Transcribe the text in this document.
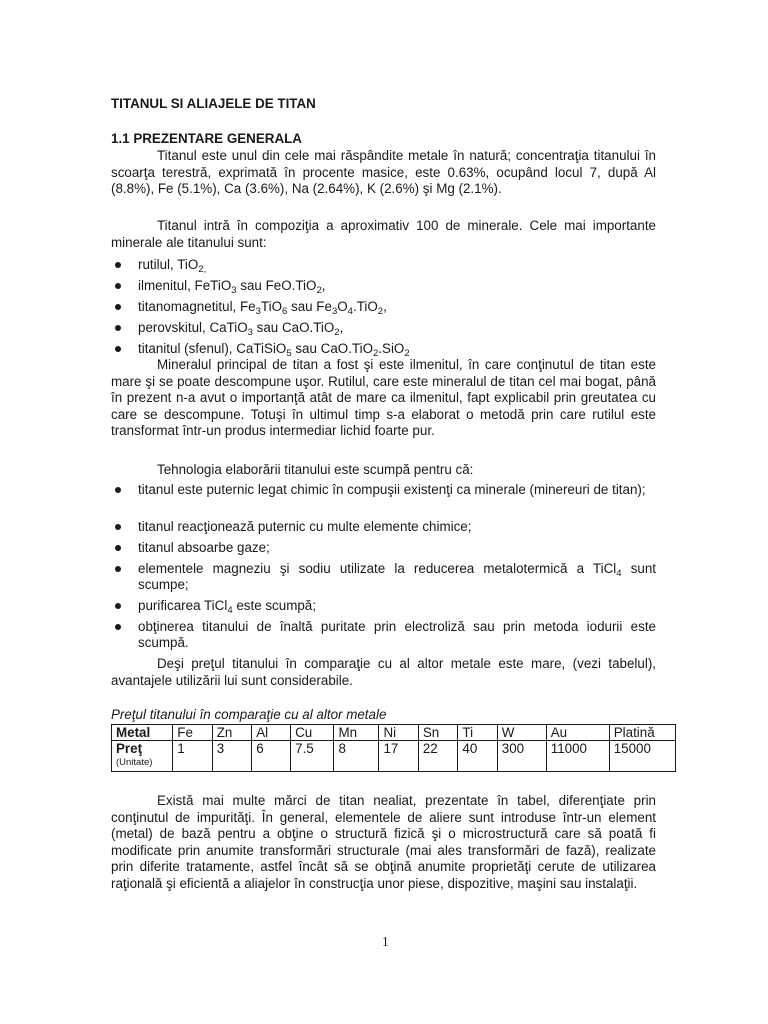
TITANUL SI ALIAJELE DE TITAN
1.1 PREZENTARE GENERALA
Titanul este unul din cele mai răspândite metale în natură; concentraţia titanului în scoarţa terestră, exprimată în procente masice, este 0.63%, ocupând locul 7, după Al (8.8%), Fe (5.1%), Ca (3.6%), Na (2.64%), K (2.6%) şi Mg (2.1%).
Titanul intră în compoziţia a aproximativ 100 de minerale. Cele mai importante minerale ale titanului sunt:
rutilul, TiO$_{2,}$
ilmenitul, FeTiO$_3$ sau FeO.TiO$_2$,
titanomagnetitul, $Fe_3TiO_6$ sau $Fe_3O_4.TiO_2$,
perovskitul, CaTiO$_3$ sau CaO.TiO$_2$,
titanitul (sfenul), CaTiSiO$_5$ sau CaO.TiO$_2$.SiO$_2$
Mineralul principal de titan a fost şi este ilmenitul, în care conţinutul de titan este mare şi se poate descompune uşor. Rutilul, care este mineralul de titan cel mai bogat, până în prezent n-a avut o importanţă atât de mare ca ilmenitul, fapt explicabil prin greutatea cu care se descompune. Totuşi în ultimul timp s-a elaborat o metodă prin care rutilul este transformat într-un produs intermediar lichid foarte pur.
Tehnologia elaborării titanului este scumpă pentru că:
titanul este puternic legat chimic în compuşii existenţi ca minerale (minereuri de titan);
titanul reacţionează puternic cu multe elemente chimice;
titanul absoarbe gaze;
elementele magneziu şi sodiu utilizate la reducerea metalotermică a TiCl$_4$ sunt scumpe;
purificarea TiCl$_4$ este scumpă;
obţinerea titanului de înaltă puritate prin electroliză sau prin metoda iodurii este scumpă.
Deşi preţul titanului în comparaţie cu al altor metale este mare, (vezi tabelul), avantajele utilizării lui sunt considerabile.
Preţul titanului în comparaţie cu al altor metale
Metal	Fe	Zn	Al	Cu	Mn	Ni	Sn	Ti	W	Au	Platină
Preţ
(Unitate)	1	3	6	7.5	8	17	22	40	300	11000	15000
Există mai multe mărci de titan nealiat, prezentate în tabel, diferenţiate prin conţinutul de impurităţi. În general, elementele de aliere sunt introduse într-un element (metal) de bază pentru a obţine o structură fizică şi o microstructură care să poată fi modificate prin anumite transformări structurale (mai ales transformări de fază), realizate prin diferite tratamente, astfel încât să se obţină anumite proprietăţi cerute de utilizarea raţională şi eficientă a aliajelor în construcţia unor piese, dispozitive, maşini sau instalaţii.
1
